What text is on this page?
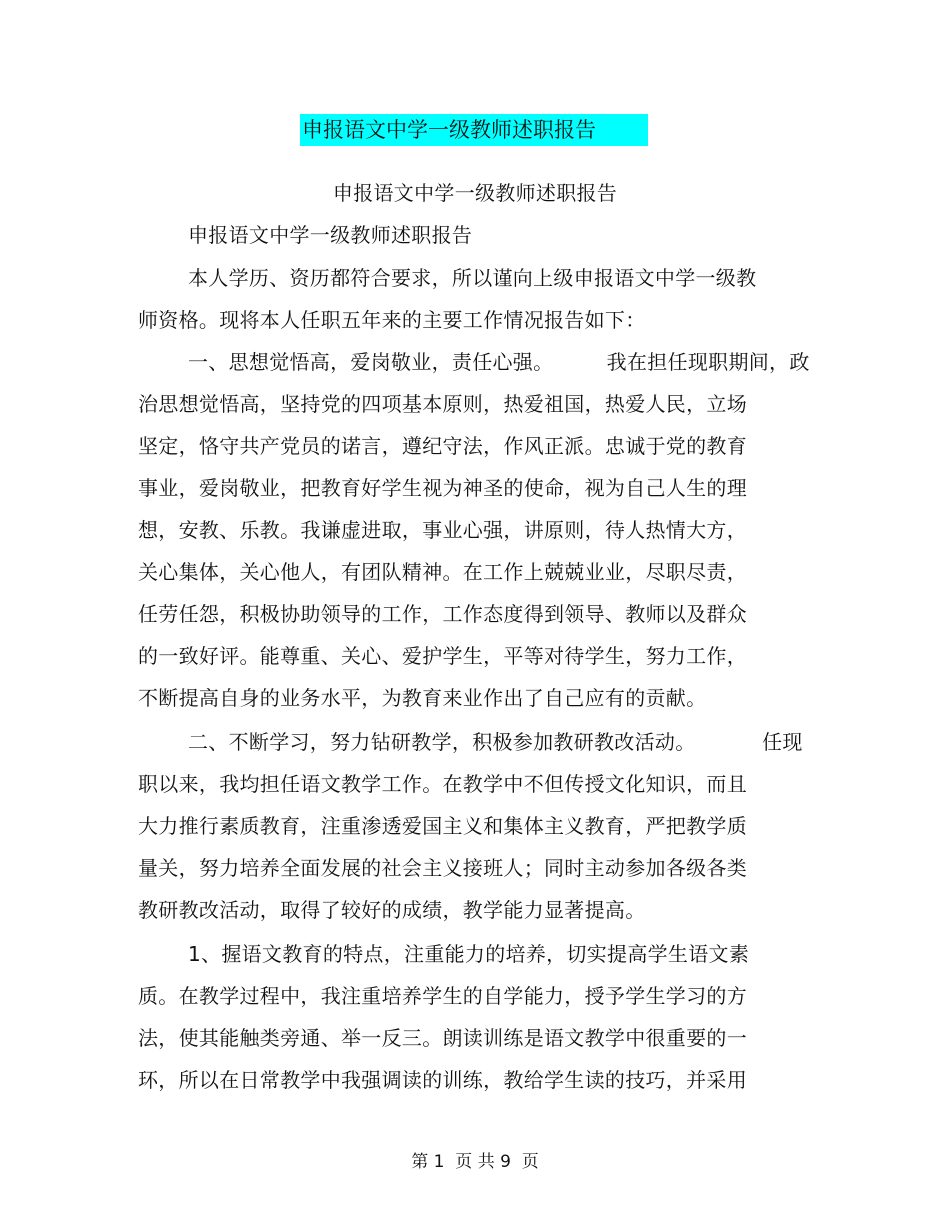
申报语文中学一级教师述职报告
申报语文中学一级教师述职报告
申报语文中学一级教师述职报告
本人学历、资历都符合要求，所以谨向上级申报语文中学一级教
师资格。现将本人任职五年来的主要工作情况报告如下：
一、思想觉悟高，爱岗敬业，责任心强。        我在担任现职期间，政
治思想觉悟高，坚持党的四项基本原则，热爱祖国，热爱人民，立场
坚定，恪守共产党员的诺言，遵纪守法，作风正派。忠诚于党的教育
事业，爱岗敬业，把教育好学生视为神圣的使命，视为自己人生的理
想，安教、乐教。我谦虚进取，事业心强，讲原则，待人热情大方，
关心集体，关心他人，有团队精神。在工作上兢兢业业，尽职尽责，
任劳任怨，积极协助领导的工作，工作态度得到领导、教师以及群众
的一致好评。能尊重、关心、爱护学生，平等对待学生，努力工作，
不断提高自身的业务水平，为教育来业作出了自己应有的贡献。
二、不断学习，努力钻研教学，积极参加教研教改活动。          任现
职以来，我均担任语文教学工作。在教学中不但传授文化知识，而且
大力推行素质教育，注重渗透爱国主义和集体主义教育，严把教学质
量关，努力培养全面发展的社会主义接班人；同时主动参加各级各类
教研教改活动，取得了较好的成绩，教学能力显著提高。
1、握语文教育的特点，注重能力的培养，切实提高学生语文素
质。在教学过程中，我注重培养学生的自学能力，授予学生学习的方
法，使其能触类旁通、举一反三。朗读训练是语文教学中很重要的一
环，所以在日常教学中我强调读的训练，教给学生读的技巧，并采用
第 1  页 共 9  页
